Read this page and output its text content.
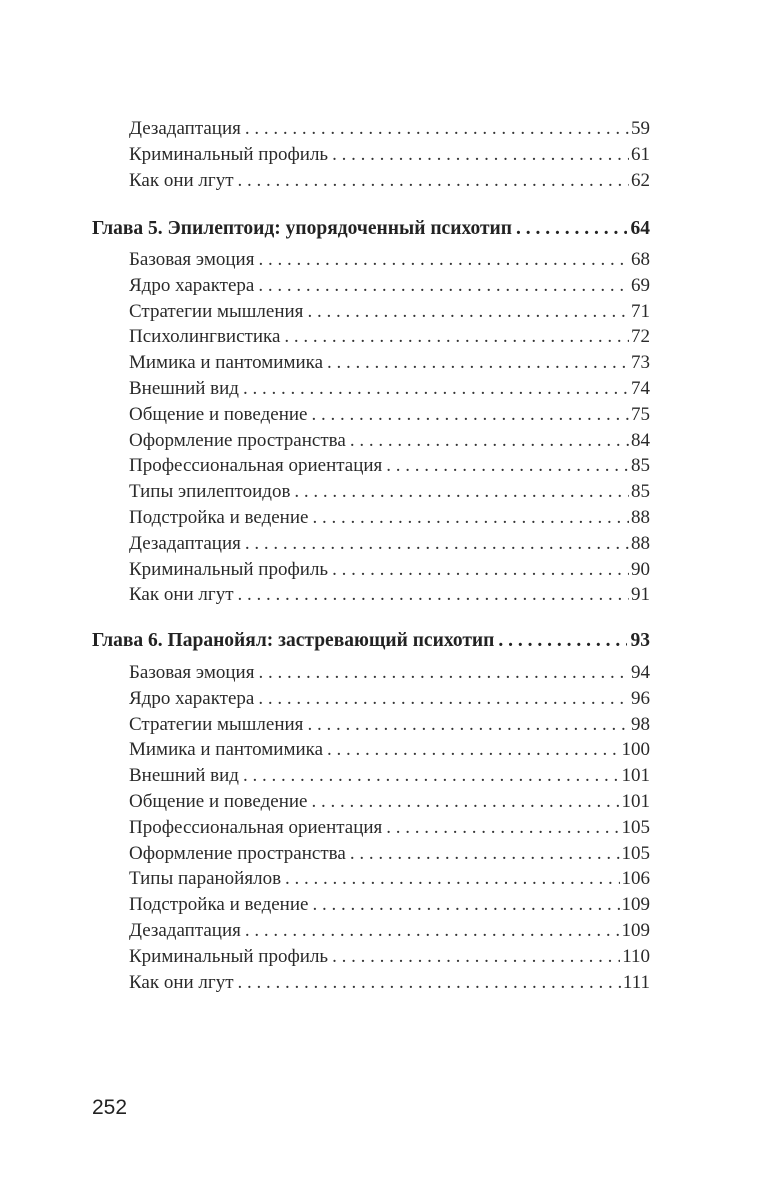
Дезадаптация . . .	59
Криминальный профиль . . .	61
Как они лгут . . .	62
Глава 5. Эпилептоид: упорядоченный психотип . . .	64
Базовая эмоция . . .	68
Ядро характера . . .	69
Стратегии мышления . . .	71
Психолингвистика . . .	72
Мимика и пантомимика . . .	73
Внешний вид . . .	74
Общение и поведение . . .	75
Оформление пространства . . .	84
Профессиональная ориентация . . .	85
Типы эпилептоидов . . .	85
Подстройка и ведение . . .	88
Дезадаптация . . .	88
Криминальный профиль . . .	90
Как они лгут . . .	91
Глава 6. Паранойял: застревающий психотип . . .	93
Базовая эмоция . . .	94
Ядро характера . . .	96
Стратегии мышления . . .	98
Мимика и пантомимика . . .	100
Внешний вид . . .	101
Общение и поведение . . .	101
Профессиональная ориентация . . .	105
Оформление пространства . . .	105
Типы паранойялов . . .	106
Подстройка и ведение . . .	109
Дезадаптация . . .	109
Криминальный профиль . . .	110
Как они лгут . . .	111
252
